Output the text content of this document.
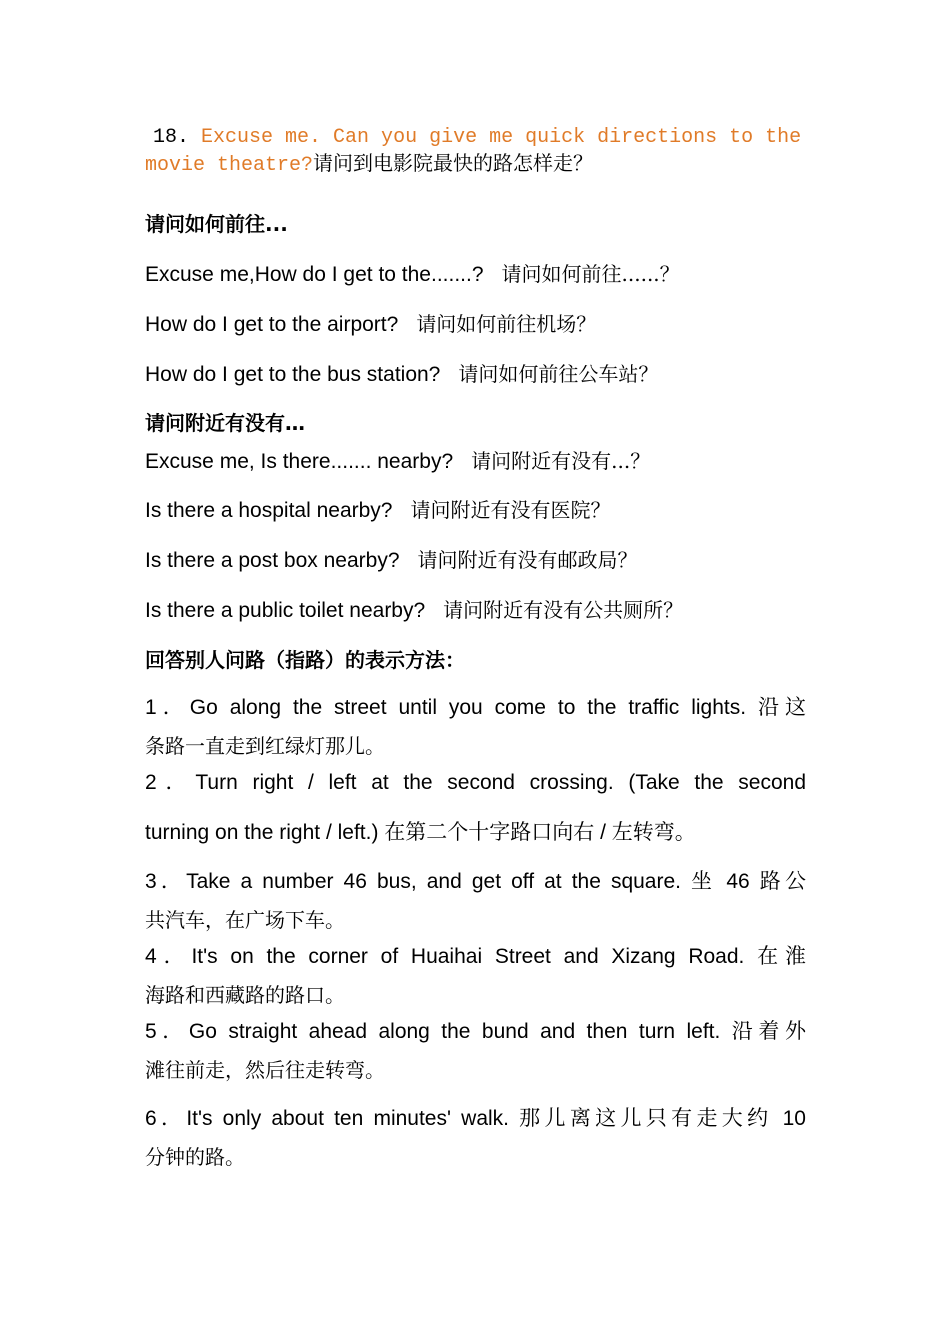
18. Excuse me. Can you give me quick directions to the
movie theatre?请问到电影院最快的路怎样走？
请问如何前往...
Excuse me,How do I get to the.......? 请问如何前往......？
How do I get to the airport? 请问如何前往机场？
How do I get to the bus station? 请问如何前往公车站？
请问附近有没有…
Excuse me, Is there....... nearby? 请问附近有没有...？
Is there a hospital nearby? 请问附近有没有医院？
Is there a post box nearby? 请问附近有没有邮政局？
Is there a public toilet nearby? 请问附近有没有公共厕所？
回答别人问路（指路）的表示方法：
1．Go along the street until you come to the traffic lights. 沿这
条路一直走到红绿灯那儿。
2．Turn right / left at the second crossing. (Take the second
turning on the right / left.) 在第二个十字路口向右 / 左转弯。
3．Take a number 46 bus, and get off at the square. 坐 46 路公
共汽车，在广场下车。
4．It's on the corner of Huaihai Street and Xizang Road. 在淮
海路和西藏路的路口。
5．Go straight ahead along the bund and then turn left. 沿着外
滩往前走，然后往走转弯。
6．It's only about ten minutes' walk. 那儿离这儿只有走大约 10
分钟的路。
